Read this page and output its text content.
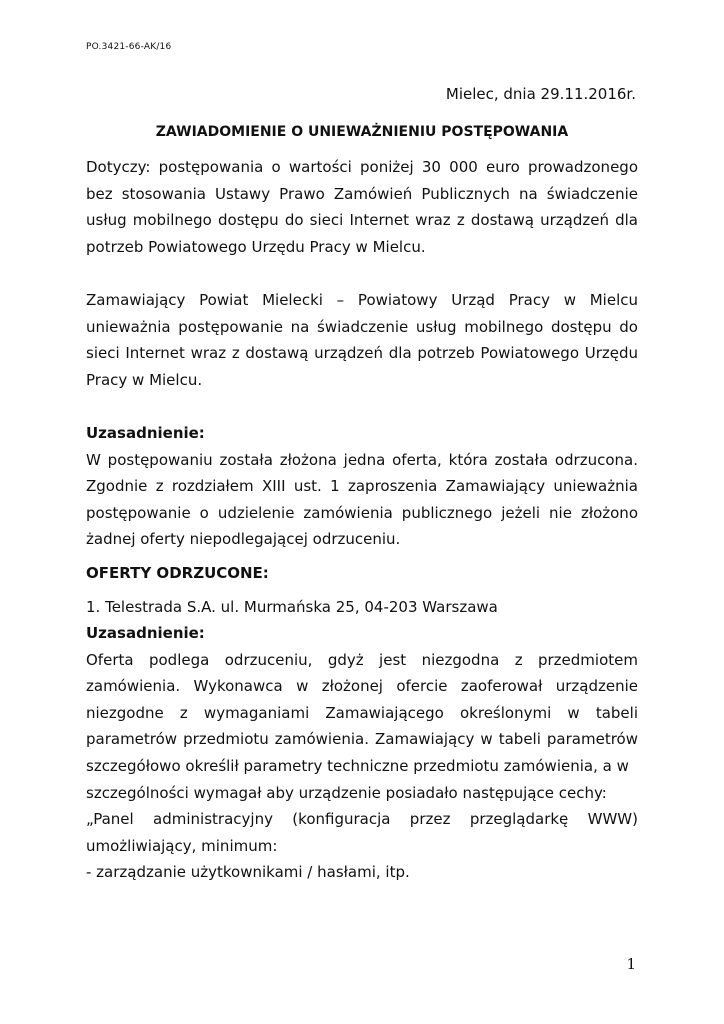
PO.3421-66-AK/16
Mielec, dnia 29.11.2016r.
ZAWIADOMIENIE O UNIEWAŻNIENIU POSTĘPOWANIA

Dotyczy: postępowania o wartości poniżej 30 000 euro prowadzonego bez stosowania Ustawy Prawo Zamówień Publicznych na świadczenie usług mobilnego dostępu do sieci Internet wraz z dostawą urządzeń dla potrzeb Powiatowego Urzędu Pracy w Mielcu.

Zamawiający Powiat Mielecki – Powiatowy Urząd Pracy w Mielcu unieważnia postępowanie na świadczenie usług mobilnego dostępu do sieci Internet wraz z dostawą urządzeń dla potrzeb Powiatowego Urzędu Pracy w Mielcu.

Uzasadnienie:

W postępowaniu została złożona jedna oferta, która została odrzucona. Zgodnie z rozdziałem XIII ust. 1 zaproszenia Zamawiający unieważnia postępowanie o udzielenie zamówienia publicznego jeżeli nie złożono żadnej oferty niepodlegającej odrzuceniu.

OFERTY ODRZUCONE:

1. Telestrada S.A. ul. Murmańska 25, 04-203 Warszawa

Uzasadnienie:

Oferta podlega odrzuceniu, gdyż jest niezgodna z przedmiotem zamówienia. Wykonawca w złożonej ofercie zaoferował urządzenie niezgodne z wymaganiami Zamawiającego określonymi w tabeli parametrów przedmiotu zamówienia. Zamawiający w tabeli parametrów szczegółowo określił parametry techniczne przedmiotu zamówienia, a w

szczególności wymagał aby urządzenie posiadało następujące cechy:

„Panel administracyjny (konfiguracja przez przeglądarkę WWW)

umożliwiający, minimum:

- zarządzanie użytkownikami / hasłami, itp.

1
